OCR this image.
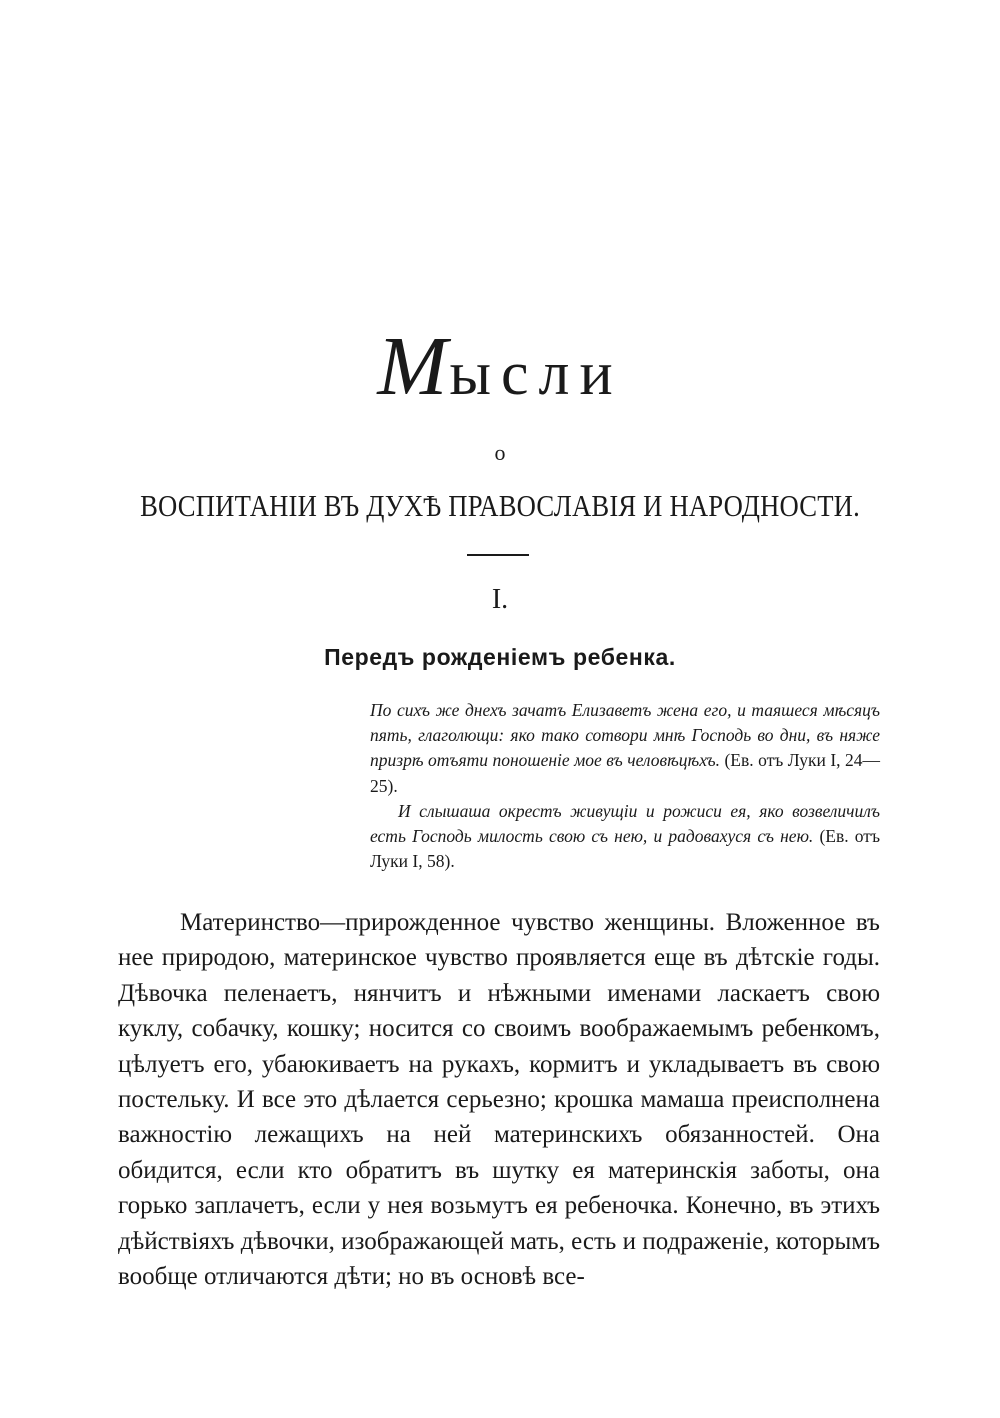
Мысли
о
ВОСПИТАНІИ ВЪ ДУХѢ ПРАВОСЛАВІЯ И НАРОДНОСТИ.
I.
Передъ рожденіемъ ребенка.

По сихъ же днехъ зачатъ Елизаветъ жена его, и таяшеся мѣсяцъ пять, глаголющи: яко тако сотвори мнѣ Господь во дни, въ няже призрѣ отъяти поношеніе мое въ человѣцѣхъ. (Ев. отъ Луки I, 24—25).

И слышаша окрестъ живущіи и рожиси ея, яко возвеличилъ есть Господь милость свою съ нею, и радовахуся съ нею. (Ев. отъ Луки I, 58).

Материнство—прирожденное чувство женщины. Вложенное въ нее природою, материнское чувство проявляется еще въ дѣтскіе годы. Дѣвочка пеленаетъ, нянчитъ и нѣжными именами ласкаетъ свою куклу, собачку, кошку; носится со своимъ воображаемымъ ребенкомъ, цѣлуетъ его, убаюкиваетъ на рукахъ, кормитъ и укладываетъ въ свою постельку. И все это дѣлается серьезно; крошка мамаша преисполнена важностію лежащихъ на ней материнскихъ обязанностей. Она обидится, если кто обратитъ въ шутку ея материнскія заботы, она горько заплачетъ, если у нея возьмутъ ея ребеночка. Конечно, въ этихъ дѣйствіяхъ дѣвочки, изображающей мать, есть и подраженіе, которымъ вообще отличаются дѣти; но въ основѣ все-
